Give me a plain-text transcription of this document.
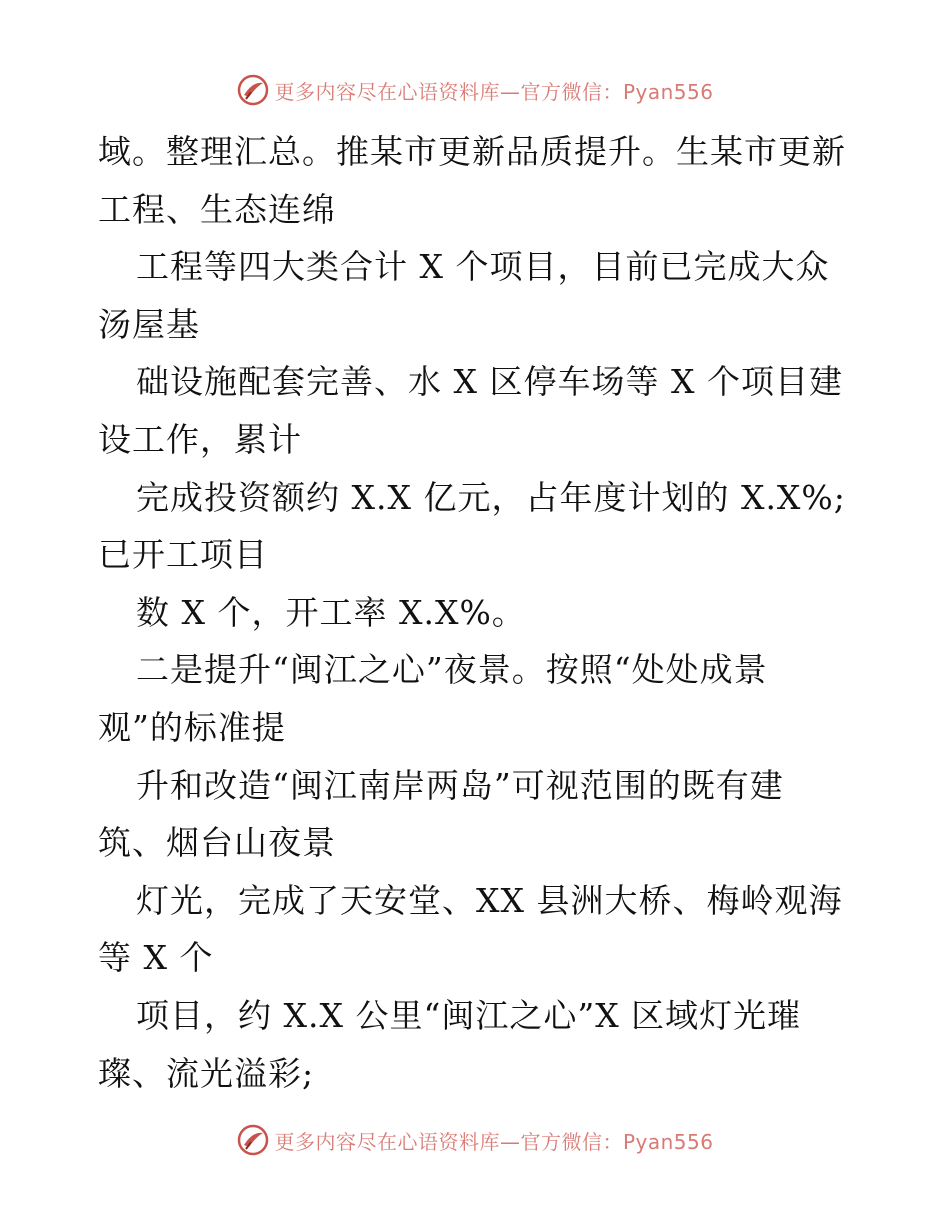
更多内容尽在心语资料库—官方微信：Pyan556
域。整理汇总。推某市更新品质提升。生某市更新
工程、生态连绵
工程等四大类合计 X 个项目，目前已完成大众
汤屋基
础设施配套完善、水 X 区停车场等 X 个项目建
设工作，累计
完成投资额约 X.X 亿元，占年度计划的 X.X%;
已开工项目
数 X 个，开工率 X.X%。
二是提升“闽江之心”夜景。按照“处处成景
观”的标准提
升和改造“闽江南岸两岛”可视范围的既有建
筑、烟台山夜景
灯光，完成了天安堂、XX 县洲大桥、梅岭观海
等 X 个
项目，约 X.X 公里“闽江之心”X 区域灯光璀
璨、流光溢彩;
更多内容尽在心语资料库—官方微信：Pyan556
